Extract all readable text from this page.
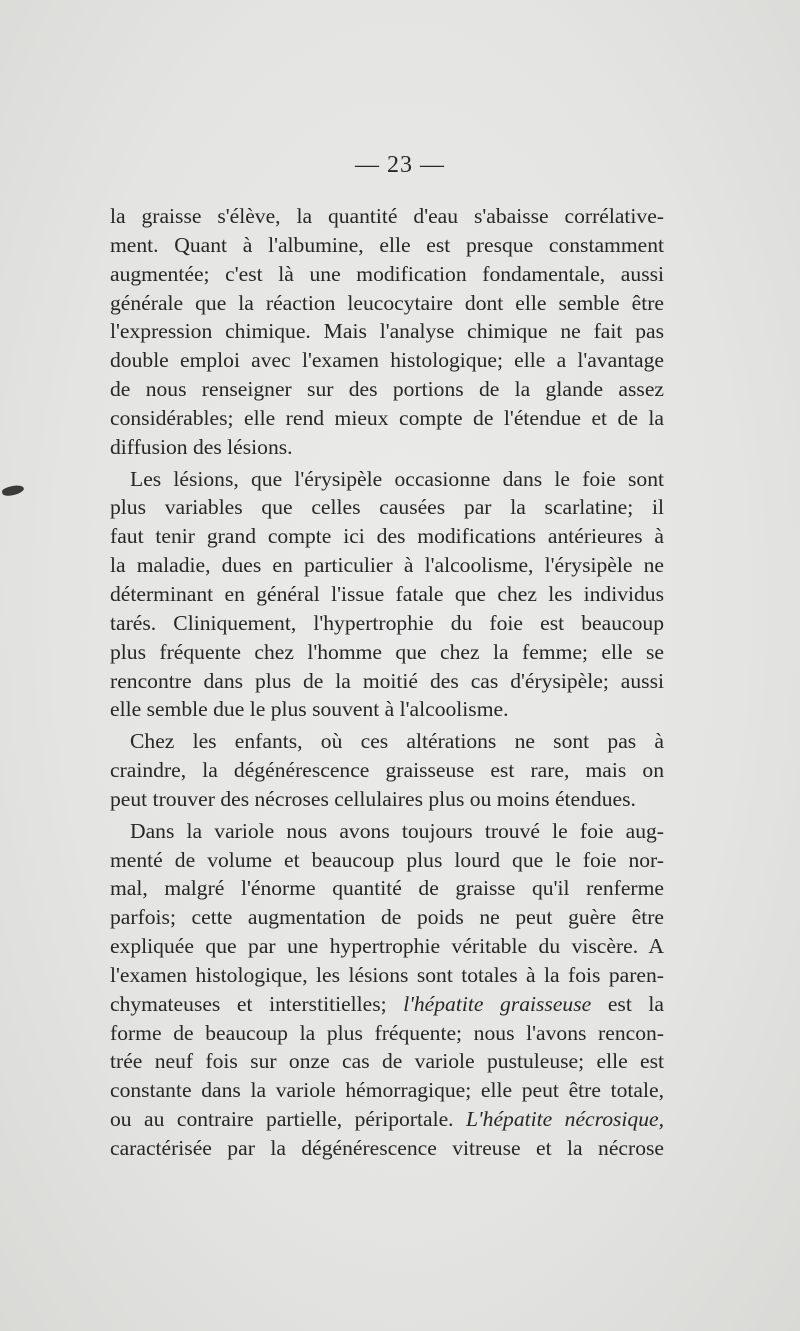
— 23 —
la graisse s'élève, la quantité d'eau s'abaisse corrélative-
ment. Quant à l'albumine, elle est presque constamment
augmentée; c'est là une modification fondamentale, aussi
générale que la réaction leucocytaire dont elle semble être
l'expression chimique. Mais l'analyse chimique ne fait pas
double emploi avec l'examen histologique; elle a l'avantage
de nous renseigner sur des portions de la glande assez
considérables; elle rend mieux compte de l'étendue et de la
diffusion des lésions.
Les lésions, que l'érysipèle occasionne dans le foie sont
plus variables que celles causées par la scarlatine; il
faut tenir grand compte ici des modifications antérieures à
la maladie, dues en particulier à l'alcoolisme, l'érysipèle ne
déterminant en général l'issue fatale que chez les individus
tarés. Cliniquement, l'hypertrophie du foie est beaucoup
plus fréquente chez l'homme que chez la femme; elle se
rencontre dans plus de la moitié des cas d'érysipèle; aussi
elle semble due le plus souvent à l'alcoolisme.
Chez les enfants, où ces altérations ne sont pas à
craindre, la dégénérescence graisseuse est rare, mais on
peut trouver des nécroses cellulaires plus ou moins étendues.
Dans la variole nous avons toujours trouvé le foie aug-
menté de volume et beaucoup plus lourd que le foie nor-
mal, malgré l'énorme quantité de graisse qu'il renferme
parfois; cette augmentation de poids ne peut guère être
expliquée que par une hypertrophie véritable du viscère. A
l'examen histologique, les lésions sont totales à la fois paren-
chymateuses et interstitielles; l'hépatite graisseuse est la
forme de beaucoup la plus fréquente; nous l'avons rencon-
trée neuf fois sur onze cas de variole pustuleuse; elle est
constante dans la variole hémorragique; elle peut être totale,
ou au contraire partielle, périportale. L'hépatite nécrosique,
caractérisée par la dégénérescence vitreuse et la nécrose
